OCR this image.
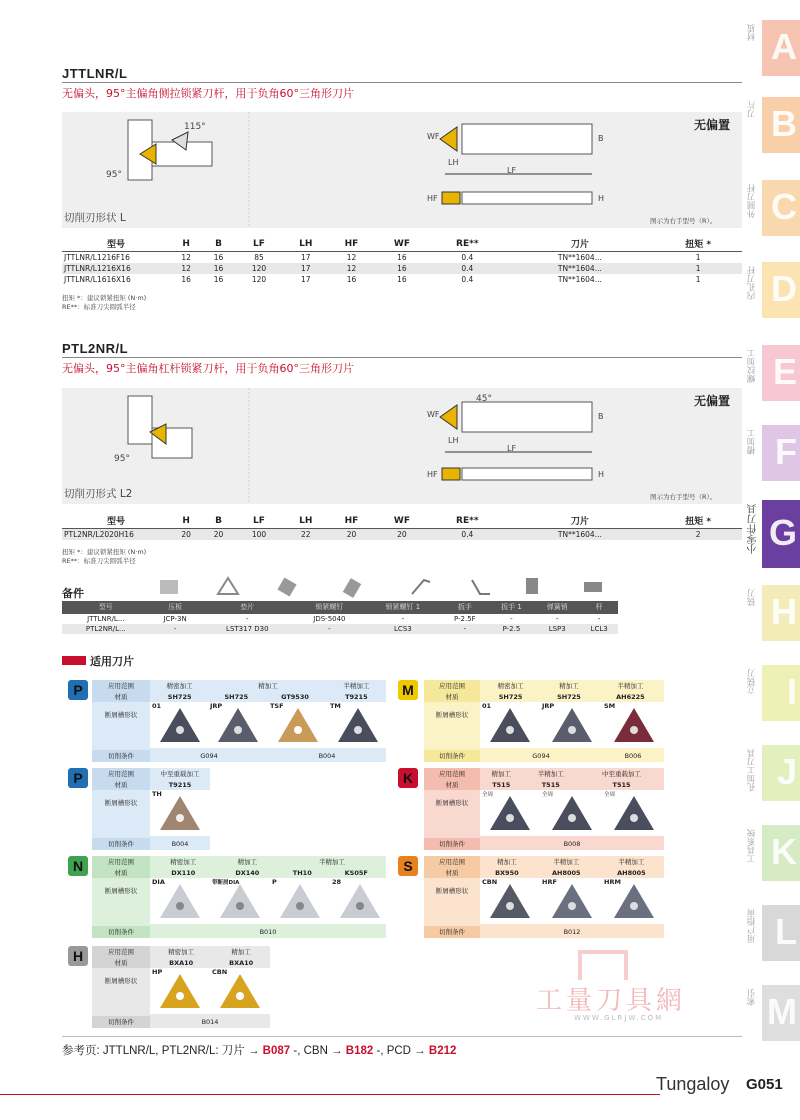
JTTLNR/L
无偏头，95°主偏角侧拉锁紧刀杆，用于负角60°三角形刀片
115°
95°
切削刃形状 L
无偏置
WF
LH
LF
B
HF	H
图示为右手型号（R）。
型号	H	B	LF	LH	HF	WF	RE**	刀片	扭矩 *
JTTLNR/L1216F16	12	16	85	17	12	16	0.4	TN**1604...	1
JTTLNR/L1216X16	12	16	120	17	12	16	0.4	TN**1604...	1
JTTLNR/L1616X16	16	16	120	17	16	16	0.4	TN**1604...	1
扭矩 *：建议锁紧扭矩 (N·m)
RE**：标准刀尖圆弧半径
PTL2NR/L
无偏头，95°主偏角杠杆锁紧刀杆，用于负角60°三角形刀片
45°
95°
切削刃形式 L2
无偏置
WF
LH
LF
B
HF	H
图示为右手型号（R）。
型号	H	B	LF	LH	HF	WF	RE**	刀片	扭矩 *
PTL2NR/L2020H16	20	20	100	22	20	20	0.4	TN**1604...	2
扭矩 *：建议锁紧扭矩 (N·m)
RE**：标准刀尖圆弧半径
备件
型号	压板	垫片	锁紧螺钉	锁紧螺钉 1	扳手	扳手 1	弹簧销	杆
JTTLNR/L...	JCP-3N	-	JDS-5040	-	P-2.5F	-	-	-
PTL2NR/L...	-	LST317 D30	-	LCS3	-	P-2.5	LSP3	LCL3
适用刀片
P	应用范围	精密加工	精加工		半精加工
材质	SH725	SH725	GT9530	T9215
01	JRP	TSF	TM
断屑槽形状
切削条件	G094	B004
M	应用范围	精密加工	精加工	半精加工
材质	SH725	SH725	AH6225
01	JRP	SM
断屑槽形状
切削条件	G094	B006
P	应用范围	中至重载加工
材质	T9215
TH
断屑槽形状
切削条件	B004
K	应用范围	精加工	半精加工	中至重载加工
材质	T515	T515	T515
全周	全周	全周
断屑槽形状
切削条件	B008
N	应用范围	精密加工	精加工	半精加工	
材质	DX110	DX140	TH10	KS05F
DIA	带断屑DIA	P	28
断屑槽形状
切削条件	B010
S	应用范围	精加工	半精加工	半精加工
材质	BX950	AH8005	AH8005
CBN	HRF	HRM
断屑槽形状
切削条件	B012
H	应用范围	精密加工	精加工
材质	BXA10	BXA10
HP	CBN
断屑槽形状
切削条件	B014
工量刀具網
WWW.GLRJW.COM
参考页: JTTLNR/L, PTL2NR/L: 刀片 → B087 -, CBN → B182 -, PCD → B212
Tungaloy G051
材质 A
刀片 B
外圆刀杆 C
内孔刀杆 D
螺纹加工 E
槽加工 F
小零件刀具 G
铣刀 H
立铣刀 I
孔加工刀具 J
工具系统 K
用户指南 L
索引 M
